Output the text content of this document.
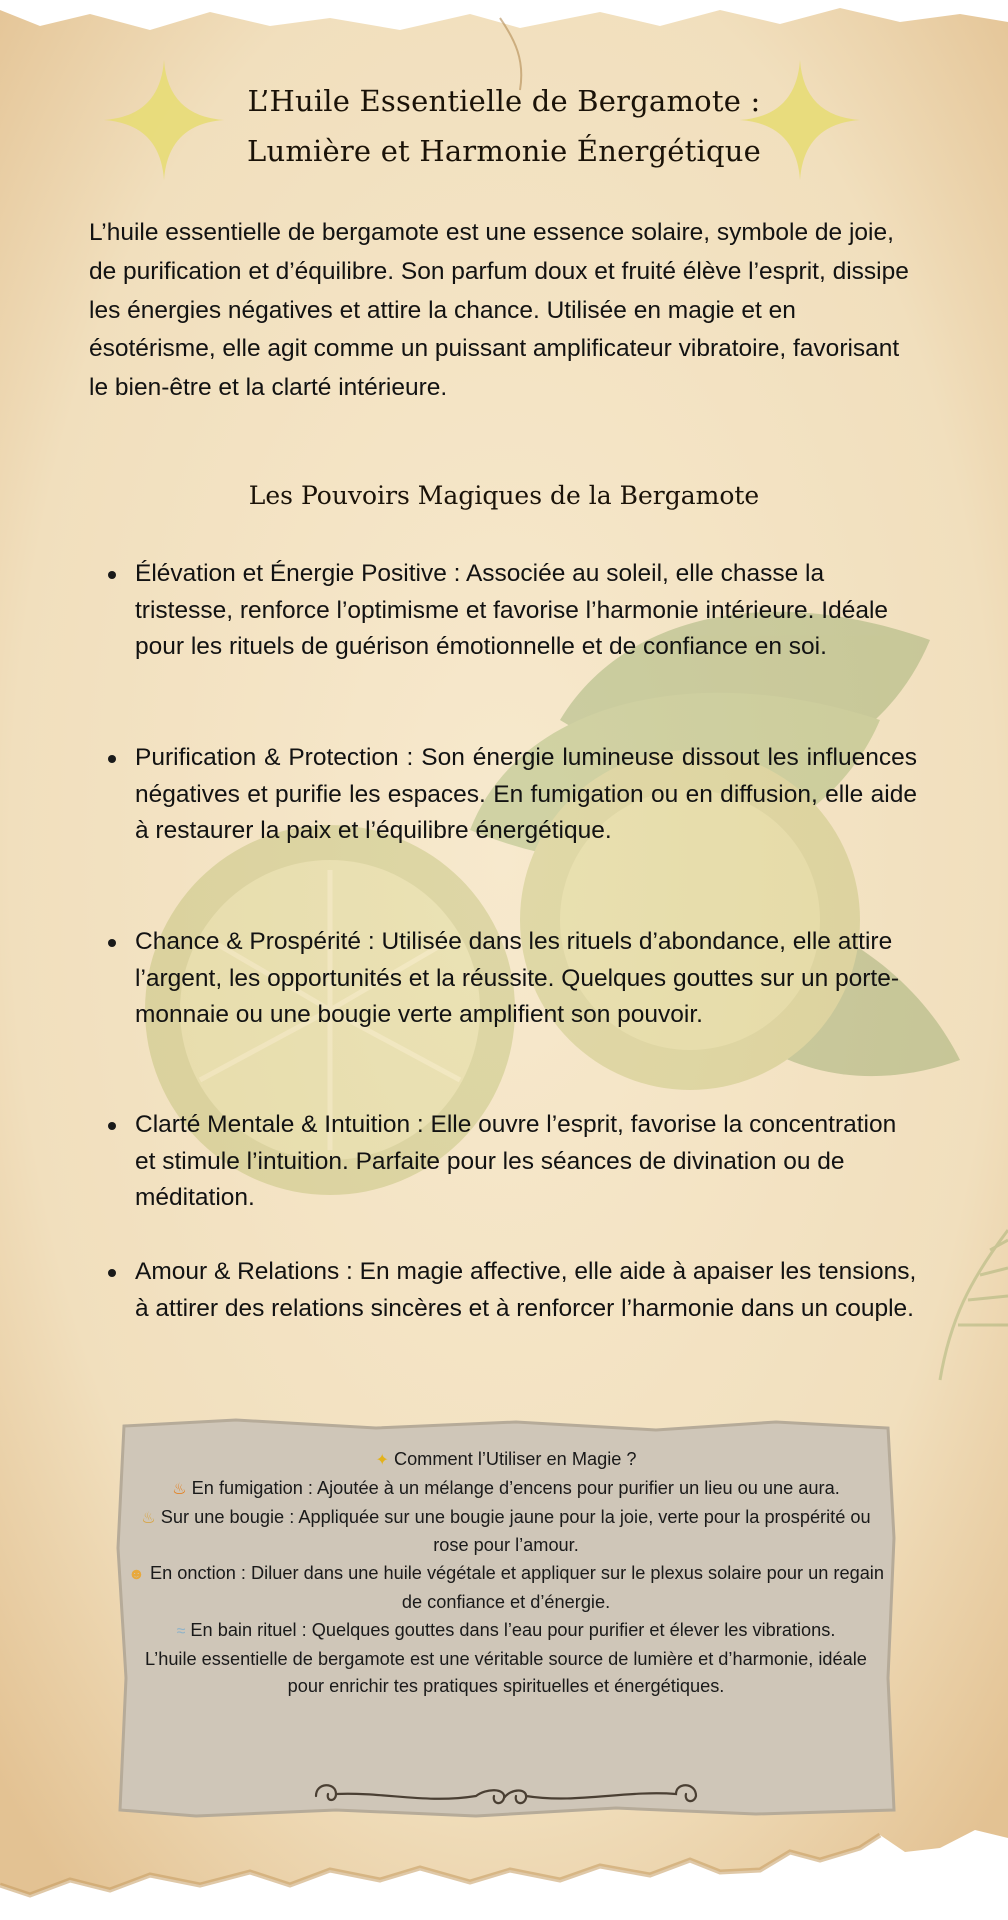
L’Huile Essentielle de Bergamote :
Lumière et Harmonie Énergétique

L’huile essentielle de bergamote est une essence solaire, symbole de joie, de purification et d’équilibre. Son parfum doux et fruité élève l’esprit, dissipe les énergies négatives et attire la chance. Utilisée en magie et en ésotérisme, elle agit comme un puissant amplificateur vibratoire, favorisant le bien-être et la clarté intérieure.

Les Pouvoirs Magiques de la Bergamote
Élévation et Énergie Positive : Associée au soleil, elle chasse la tristesse, renforce l’optimisme et favorise l’harmonie intérieure. Idéale pour les rituels de guérison émotionnelle et de confiance en soi.
Purification & Protection : Son énergie lumineuse dissout les influences négatives et purifie les espaces. En fumigation ou en diffusion, elle aide à restaurer la paix et l’équilibre énergétique.
Chance & Prospérité : Utilisée dans les rituels d’abondance, elle attire l’argent, les opportunités et la réussite. Quelques gouttes sur un porte-monnaie ou une bougie verte amplifient son pouvoir.
Clarté Mentale & Intuition : Elle ouvre l’esprit, favorise la concentration et stimule l’intuition. Parfaite pour les séances de divination ou de méditation.
Amour & Relations : En magie affective, elle aide à apaiser les tensions, à attirer des relations sincères et à renforcer l’harmonie dans un couple.
✦ Comment l’Utiliser en Magie ?
♨ En fumigation : Ajoutée à un mélange d’encens pour purifier un lieu ou une aura.
♨ Sur une bougie : Appliquée sur une bougie jaune pour la joie, verte pour la prospérité ou rose pour l’amour.
☻ En onction : Diluer dans une huile végétale et appliquer sur le plexus solaire pour un regain de confiance et d’énergie.
≈ En bain rituel : Quelques gouttes dans l’eau pour purifier et élever les vibrations.
L’huile essentielle de bergamote est une véritable source de lumière et d’harmonie, idéale pour enrichir tes pratiques spirituelles et énergétiques.
